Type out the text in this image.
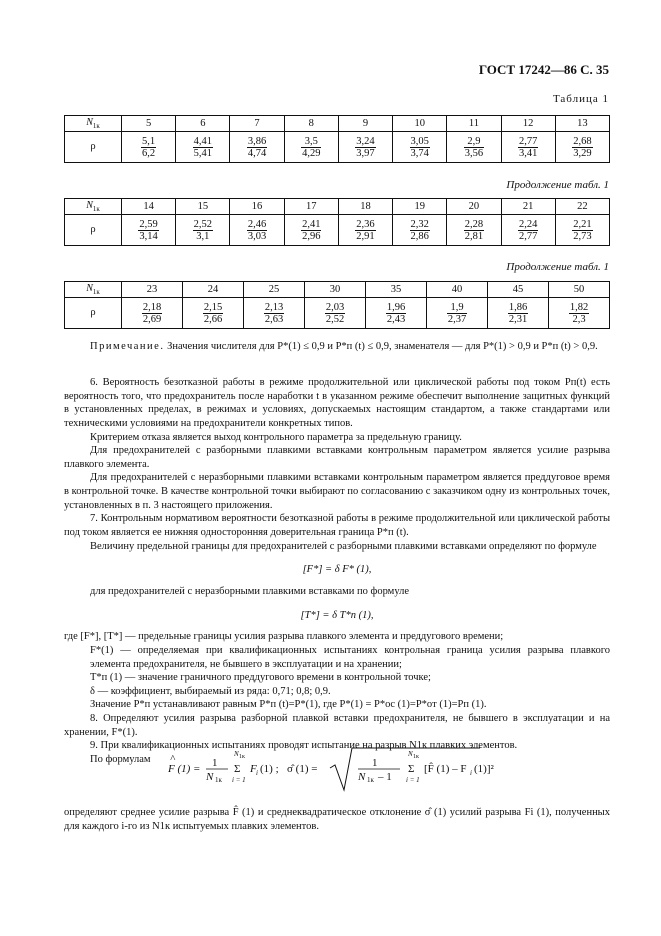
ГОСТ 17242—86 С. 35
Таблица 1
$N_{1к}$	5	6	7	8	9	10	11	12	13
ρ	$\frac{5,1}{6,2}$	$\frac{4,41}{5,41}$	$\frac{3,86}{4,74}$	$\frac{3,5}{4,29}$	$\frac{3,24}{3,97}$	$\frac{3,05}{3,74}$	$\frac{2,9}{3,56}$	$\frac{2,77}{3,41}$	$\frac{2,68}{3,29}$
Продолжение табл. 1
$N_{1к}$	14	15	16	17	18	19	20	21	22
ρ	$\frac{2,59}{3,14}$	$\frac{2,52}{3,1}$	$\frac{2,46}{3,03}$	$\frac{2,41}{2,96}$	$\frac{2,36}{2,91}$	$\frac{2,32}{2,86}$	$\frac{2,28}{2,81}$	$\frac{2,24}{2,77}$	$\frac{2,21}{2,73}$
Продолжение табл. 1
$N_{1к}$	23	24	25	30	35	40	45	50
ρ	$\frac{2,18}{2,69}$	$\frac{2,15}{2,66}$	$\frac{2,13}{2,63}$	$\frac{2,03}{2,52}$	$\frac{1,96}{2,43}$	$\frac{1,9}{2,37}$	$\frac{1,86}{2,31}$	$\frac{1,82}{2,3}$

Примечание. Значения числителя для P*(1) ≤ 0,9 и P*п (t) ≤ 0,9, знаменателя — для P*(1) > 0,9 и P*п (t) > 0,9.

6. Вероятность безотказной работы в режиме продолжительной или циклической работы под током Pп(t) есть вероятность того, что предохранитель после наработки t в указанном режиме обеспечит выполнение защитных функций в установленных пределах, в режимах и условиях, допускаемых настоящим стандартом, а также стандартами или техническими условиями на предохранители конкретных типов.

Критерием отказа является выход контрольного параметра за предельную границу.

Для предохранителей с разборными плавкими вставками контрольным параметром является усилие разрыва плавкого элемента.

Для предохранителей с неразборными плавкими вставками контрольным параметром является преддуговое время в контрольной точке. В качестве контрольной точки выбирают по согласованию с заказчиком одну из контрольных точек, установленных в п. 3 настоящего приложения.

7. Контрольным нормативом вероятности безотказной работы в режиме продолжительной или циклической работы под током является ее нижняя односторонняя доверительная граница P*п (t).

Величину предельной границы для предохранителей с разборными плавкими вставками определяют по формуле

[F*] = δ F* (1),

для предохранителей с неразборными плавкими вставками по формуле

[T*] = δ T*п (1),

где [F*], [T*] — предельные границы усилия разрыва плавкого элемента и преддугового времени;

F*(1) — определяемая при квалификационных испытаниях контрольная граница усилия разрыва плавкого элемента предохранителя, не бывшего в эксплуатации и на хранении;

T*п (1) — значение граничного преддугового времени в контрольной точке;

δ — коэффициент, выбираемый из ряда: 0,71; 0,8; 0,9.

Значение P*п устанавливают равным P*п (t)=P*(1), где P*(1) = P*oc (1)=P*oт (1)=Pп (1).

8. Определяют усилия разрыва разборной плавкой вставки предохранителя, не бывшего в эксплуатации и на хранении, F*(1).

9. При квалификационных испытаниях проводят испытание на разрыв N1к плавких элементов.

По формулам	^
F (1) = 1
N 1к
N 1к
Σ
i = 1
F i (1) ; σ̂ (1) =	1
N 1к – 1
N 1к
Σ
i = 1
[F̂ (1) – F i (1)]²

определяют среднее усилие разрыва F̂ (1) и среднеквадратическое отклонение σ̂ (1) усилий разрыва Fi (1), полученных для каждого i-го из N1к испытуемых плавких элементов.
